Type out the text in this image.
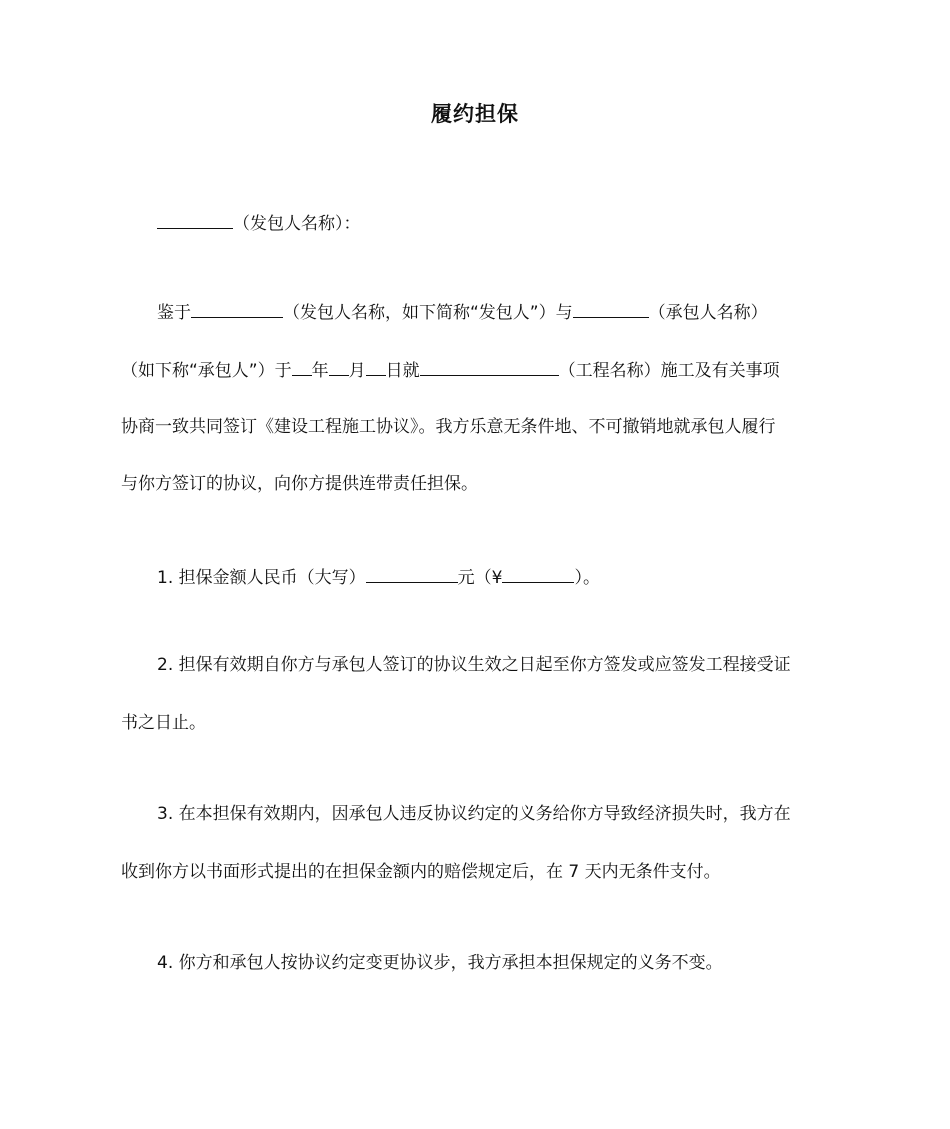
履约担保
（发包人名称）：
鉴于	（发包人名称，如下简称“发包人”）与	（承包人名称）
（如下称“承包人”）于 年 月 日就	（工程名称）施工及有关事项
协商一致共同签订《建设工程施工协议》。我方乐意无条件地、不可撤销地就承包人履行
与你方签订的协议，向你方提供连带责任担保。
1. 担保金额人民币（大写）	元（¥	）。
2. 担保有效期自你方与承包人签订的协议生效之日起至你方签发或应签发工程接受证
书之日止。
3. 在本担保有效期内，因承包人违反协议约定的义务给你方导致经济损失时，我方在
收到你方以书面形式提出的在担保金额内的赔偿规定后，在 7 天内无条件支付。
4. 你方和承包人按协议约定变更协议步，我方承担本担保规定的义务不变。
